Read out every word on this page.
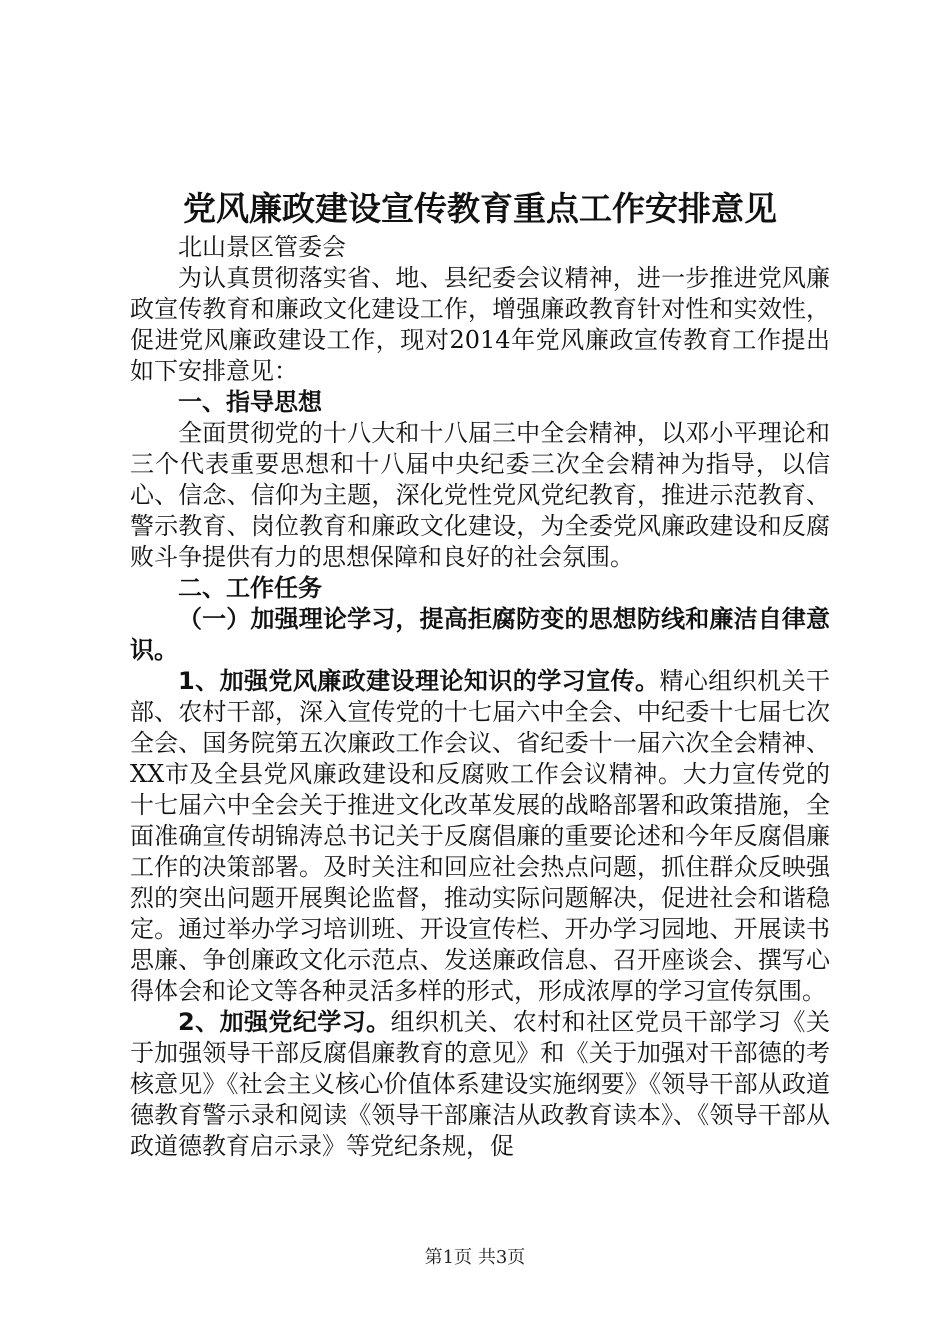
党风廉政建设宣传教育重点工作安排意见

北山景区管委会

为认真贯彻落实省、地、县纪委会议精神，进一步推进党风廉政宣传教育和廉政文化建设工作，增强廉政教育针对性和实效性，促进党风廉政建设工作，现对2014年党风廉政宣传教育工作提出如下安排意见：

一、指导思想

全面贯彻党的十八大和十八届三中全会精神，以邓小平理论和三个代表重要思想和十八届中央纪委三次全会精神为指导，以信心、信念、信仰为主题，深化党性党风党纪教育，推进示范教育、警示教育、岗位教育和廉政文化建设，为全委党风廉政建设和反腐败斗争提供有力的思想保障和良好的社会氛围。

二、工作任务

（一）加强理论学习，提高拒腐防变的思想防线和廉洁自律意识。

1、加强党风廉政建设理论知识的学习宣传。精心组织机关干部、农村干部，深入宣传党的十七届六中全会、中纪委十七届七次全会、国务院第五次廉政工作会议、省纪委十一届六次全会精神、XX市及全县党风廉政建设和反腐败工作会议精神。大力宣传党的十七届六中全会关于推进文化改革发展的战略部署和政策措施，全面准确宣传胡锦涛总书记关于反腐倡廉的重要论述和今年反腐倡廉工作的决策部署。及时关注和回应社会热点问题，抓住群众反映强烈的突出问题开展舆论监督，推动实际问题解决，促进社会和谐稳定。通过举办学习培训班、开设宣传栏、开办学习园地、开展读书思廉、争创廉政文化示范点、发送廉政信息、召开座谈会、撰写心得体会和论文等各种灵活多样的形式，形成浓厚的学习宣传氛围。

2、加强党纪学习。组织机关、农村和社区党员干部学习《关于加强领导干部反腐倡廉教育的意见》和《关于加强对干部德的考核意见》《社会主义核心价值体系建设实施纲要》《领导干部从政道德教育警示录和阅读《领导干部廉洁从政教育读本》、《领导干部从政道德教育启示录》等党纪条规，促

第1页 共3页
